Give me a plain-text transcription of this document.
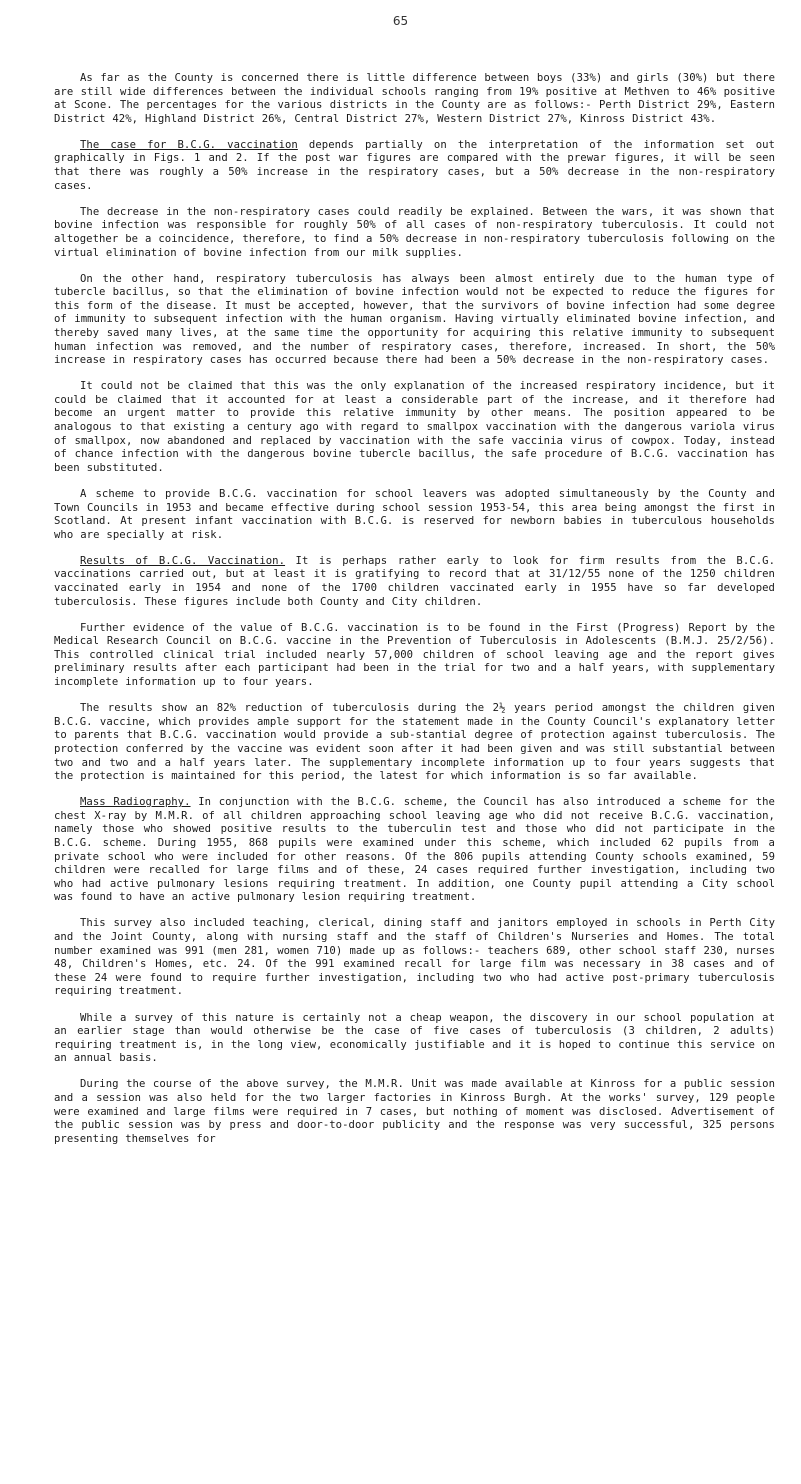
65

As far as the County is concerned there is little difference between boys (33%) and girls (30%) but there are still wide differences between the individual schools ranging from 19% positive at Methven to 46% positive at Scone. The percentages for the various districts in the County are as follows:- Perth District 29%, Eastern District 42%, Highland District 26%, Central District 27%, Western District 27%, Kinross District 43%.

The case for B.C.G. vaccination depends partially on the interpretation of the information set out graphically in Figs. 1 and 2. If the post war figures are compared with the prewar figures, it will be seen that there was roughly a 50% increase in the respiratory cases, but a 50% decrease in the non-respiratory cases.

The decrease in the non-respiratory cases could readily be explained. Between the wars, it was shown that bovine infection was responsible for roughly 50% of all cases of non-respiratory tuberculosis. It could not altogether be a coincidence, therefore, to find a 50% decrease in non-respiratory tuberculosis following on the virtual elimination of bovine infection from our milk supplies.

On the other hand, respiratory tuberculosis has always been almost entirely due to the human type of tubercle bacillus, so that the elimination of bovine infection would not be expected to reduce the figures for this form of the disease. It must be accepted, however, that the survivors of bovine infection had some degree of immunity to subsequent infection with the human organism. Having virtually eliminated bovine infection, and thereby saved many lives, at the same time the opportunity for acquiring this relative immunity to subsequent human infection was removed, and the number of respiratory cases, therefore, increased. In short, the 50% increase in respiratory cases has occurred because there had been a 50% decrease in the non-respiratory cases.

It could not be claimed that this was the only explanation of the increased respiratory incidence, but it could be claimed that it accounted for at least a considerable part of the increase, and it therefore had become an urgent matter to provide this relative immunity by other means. The position appeared to be analogous to that existing a century ago with regard to smallpox vaccination with the dangerous variola virus of smallpox, now abandoned and replaced by vaccination with the safe vaccinia virus of cowpox. Today, instead of chance infection with the dangerous bovine tubercle bacillus, the safe procedure of B.C.G. vaccination has been substituted.

A scheme to provide B.C.G. vaccination for school leavers was adopted simultaneously by the County and Town Councils in 1953 and became effective during school session 1953-54, this area being amongst the first in Scotland. At present infant vaccination with B.C.G. is reserved for newborn babies in tuberculous households who are specially at risk.

Results of B.C.G. Vaccination. It is perhaps rather early to look for firm results from the B.C.G. vaccinations carried out, but at least it is gratifying to record that at 31/12/55 none of the 1250 children vaccinated early in 1954 and none of the 1700 children vaccinated early in 1955 have so far developed tuberculosis. These figures include both County and City children.

Further evidence of the value of B.C.G. vaccination is to be found in the First (Progress) Report by the Medical Research Council on B.C.G. vaccine in the Prevention of Tuberculosis in Adolescents (B.M.J. 25/2/56). This controlled clinical trial included nearly 57,000 children of school leaving age and the report gives preliminary results after each participant had been in the trial for two and a half years, with supplementary incomplete information up to four years.

The results show an 82% reduction of tuberculosis during the 2½ years period amongst the children given B.C.G. vaccine, which provides ample support for the statement made in the County Council's explanatory letter to parents that B.C.G. vaccination would provide a sub-stantial degree of protection against tuberculosis. The protection conferred by the vaccine was evident soon after it had been given and was still substantial between two and two and a half years later. The supplementary incomplete information up to four years suggests that the protection is maintained for this period, the latest for which information is so far available.

Mass Radiography. In conjunction with the B.C.G. scheme, the Council has also introduced a scheme for the chest X-ray by M.M.R. of all children approaching school leaving age who did not receive B.C.G. vaccination, namely those who showed positive results to the tuberculin test and those who did not participate in the B.C.G. scheme. During 1955, 868 pupils were examined under this scheme, which included 62 pupils from a private school who were included for other reasons. Of the 806 pupils attending County schools examined, 59 children were recalled for large films and of these, 24 cases required further investigation, including two who had active pulmonary lesions requiring treatment. In addition, one County pupil attending a City school was found to have an active pulmonary lesion requiring treatment.

This survey also included teaching, clerical, dining staff and janitors employed in schools in Perth City and the Joint County, along with nursing staff and the staff of Children's Nurseries and Homes. The total number examined was 991 (men 281, women 710) made up as follows:- teachers 689, other school staff 230, nurses 48, Children's Homes, etc. 24. Of the 991 examined recall for large film was necessary in 38 cases and of these 24 were found to require further investigation, including two who had active post-primary tuberculosis requiring treatment.

While a survey of this nature is certainly not a cheap weapon, the discovery in our school population at an earlier stage than would otherwise be the case of five cases of tuberculosis (3 children, 2 adults) requiring treatment is, in the long view, economically justifiable and it is hoped to continue this service on an annual basis.

During the course of the above survey, the M.M.R. Unit was made available at Kinross for a public session and a session was also held for the two larger factories in Kinross Burgh. At the works' survey, 129 people were examined and large films were required in 7 cases, but nothing of moment was disclosed. Advertisement of the public session was by press and door-to-door publicity and the response was very successful, 325 persons presenting themselves for
